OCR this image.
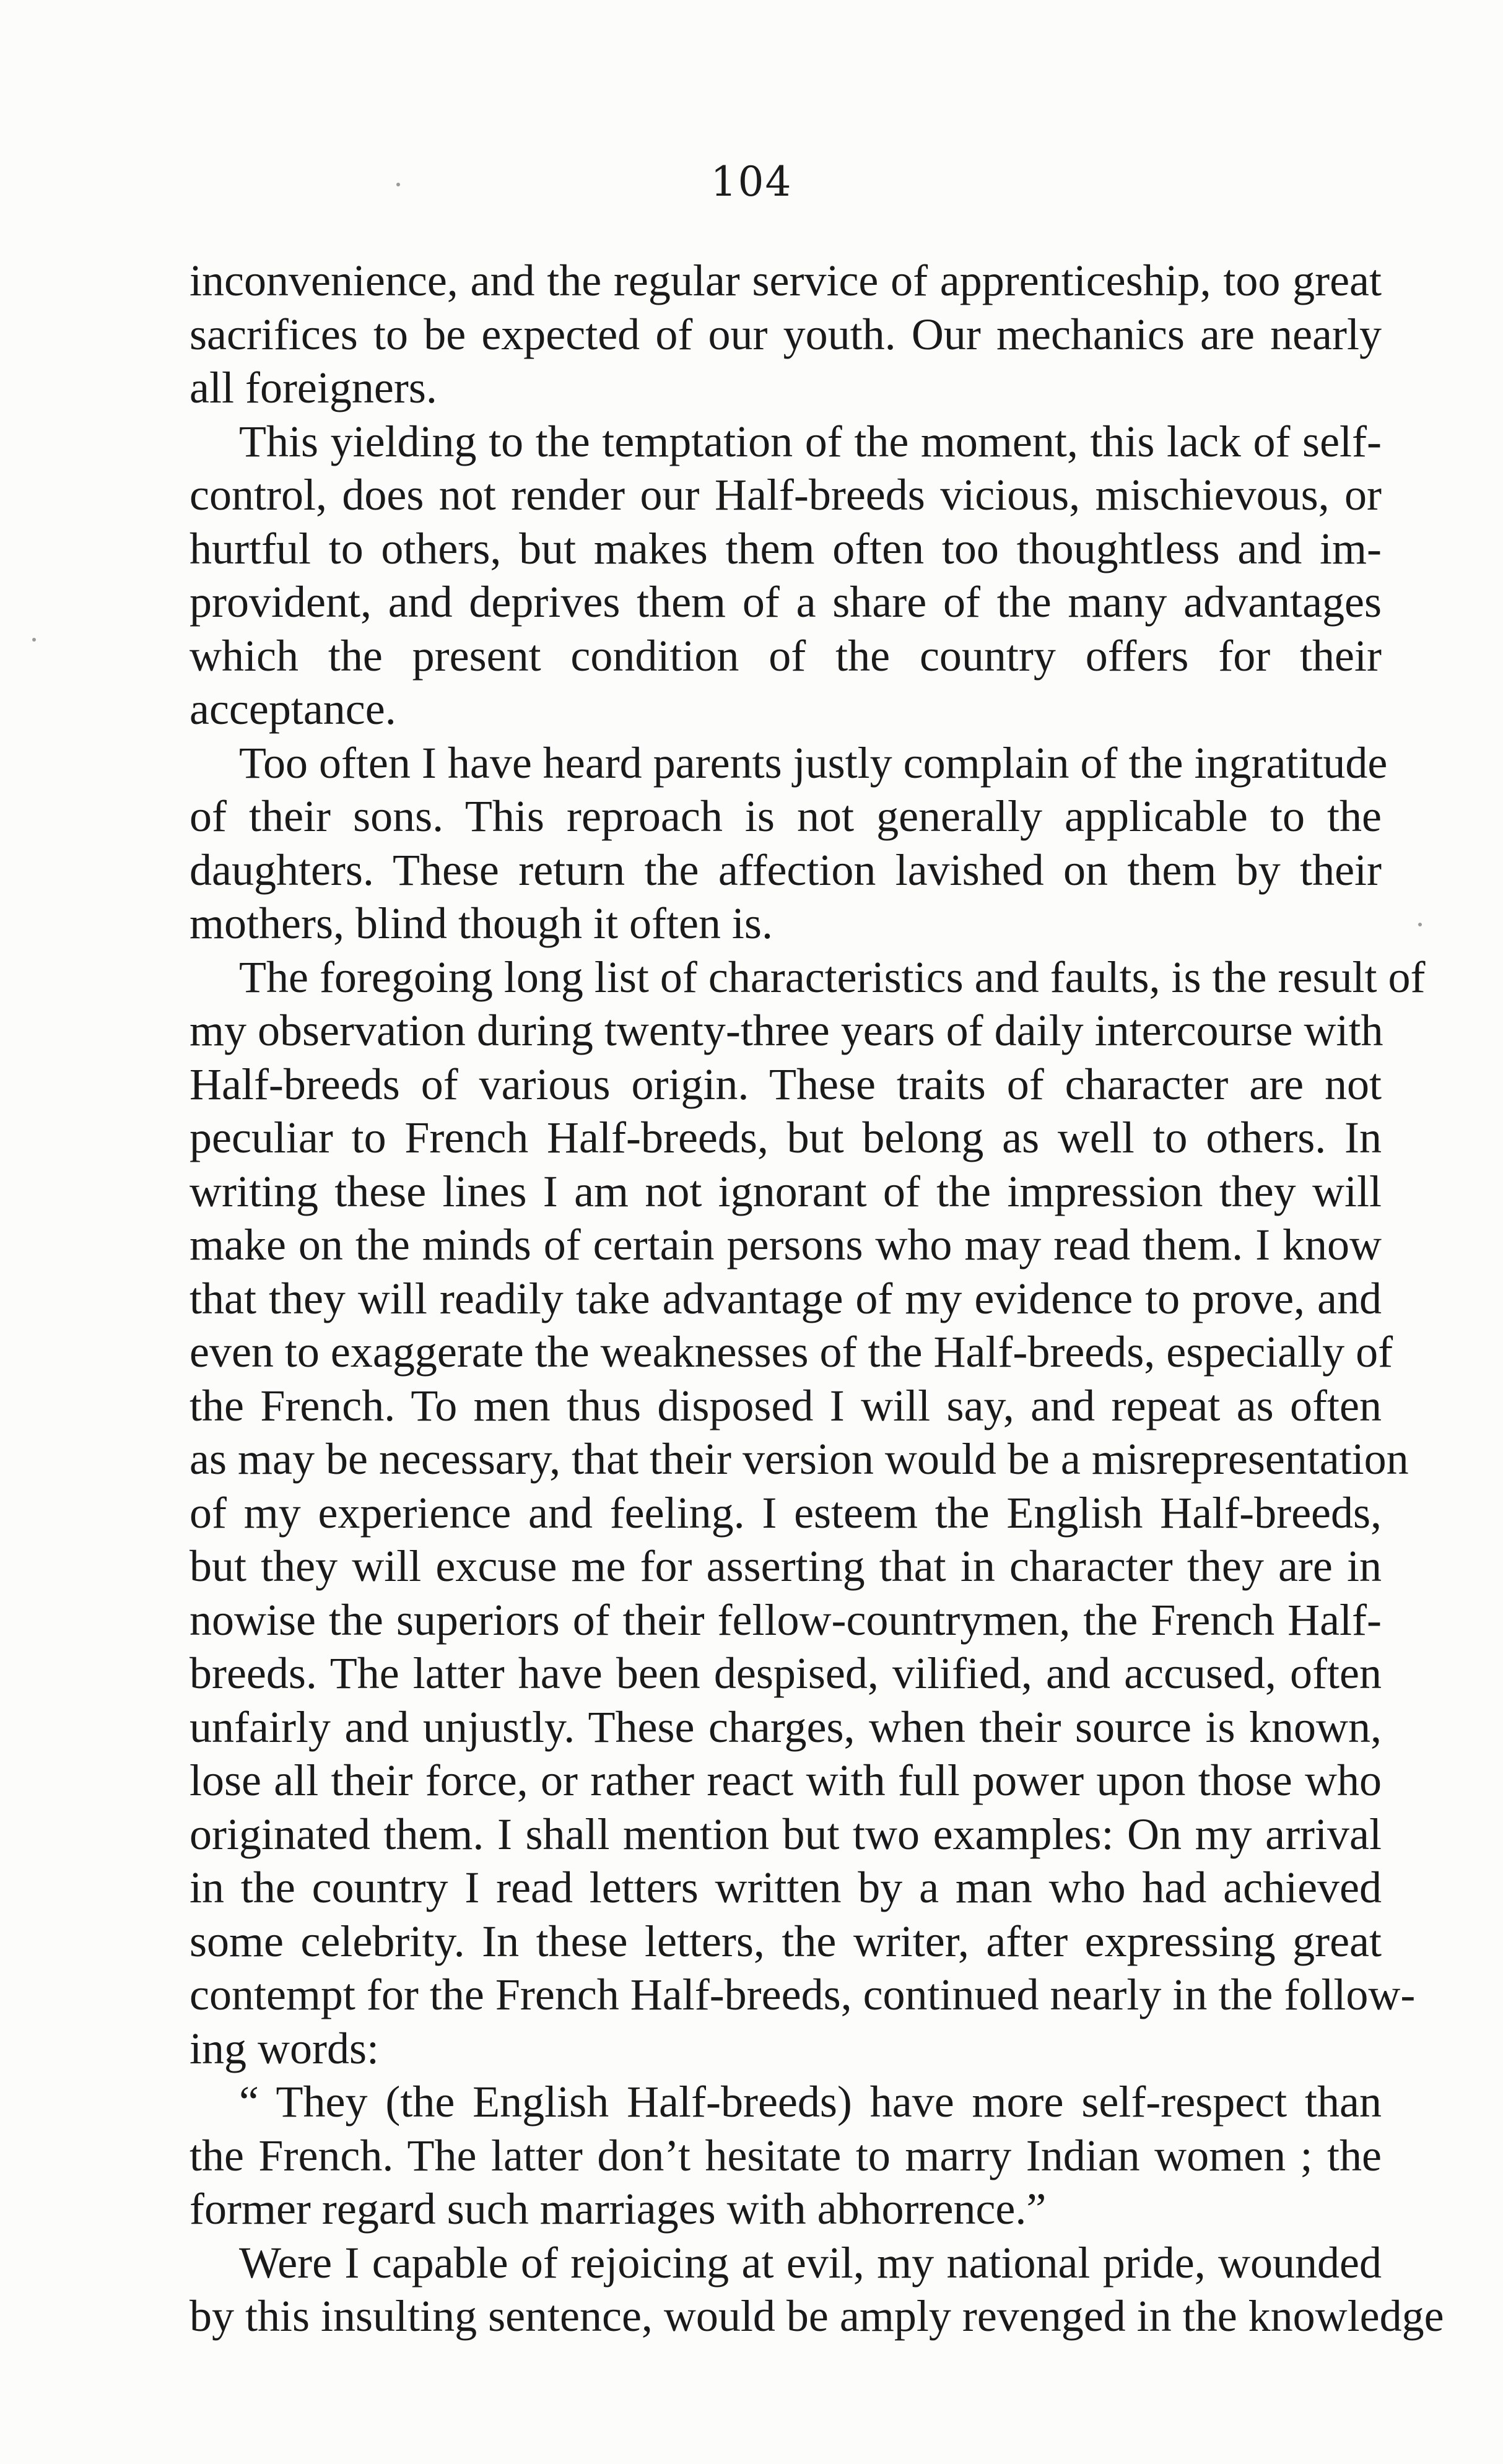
104
inconvenience, and the regular service of apprenticeship, too great
sacrifices to be expected of our youth. Our mechanics are nearly
all foreigners.
This yielding to the temptation of the moment, this lack of self-
control, does not render our Half-breeds vicious, mischievous, or
hurtful to others, but makes them often too thoughtless and im-
provident, and deprives them of a share of the many advantages
which the present condition of the country offers for their
acceptance.
Too often I have heard parents justly complain of the ingratitude
of their sons. This reproach is not generally applicable to the
daughters. These return the affection lavished on them by their
mothers, blind though it often is.
The foregoing long list of characteristics and faults, is the result of
my observation during twenty-three years of daily intercourse with
Half-breeds of various origin. These traits of character are not
peculiar to French Half-breeds, but belong as well to others. In
writing these lines I am not ignorant of the impression they will
make on the minds of certain persons who may read them. I know
that they will readily take advantage of my evidence to prove, and
even to exaggerate the weaknesses of the Half-breeds, especially of
the French. To men thus disposed I will say, and repeat as often
as may be necessary, that their version would be a misrepresentation
of my experience and feeling. I esteem the English Half-breeds,
but they will excuse me for asserting that in character they are in
nowise the superiors of their fellow-countrymen, the French Half-
breeds. The latter have been despised, vilified, and accused, often
unfairly and unjustly. These charges, when their source is known,
lose all their force, or rather react with full power upon those who
originated them. I shall mention but two examples: On my arrival
in the country I read letters written by a man who had achieved
some celebrity. In these letters, the writer, after expressing great
contempt for the French Half-breeds, continued nearly in the follow-
ing words:
“ They (the English Half-breeds) have more self-respect than
the French. The latter don’t hesitate to marry Indian women ; the
former regard such marriages with abhorrence.”
Were I capable of rejoicing at evil, my national pride, wounded
by this insulting sentence, would be amply revenged in the knowledge
